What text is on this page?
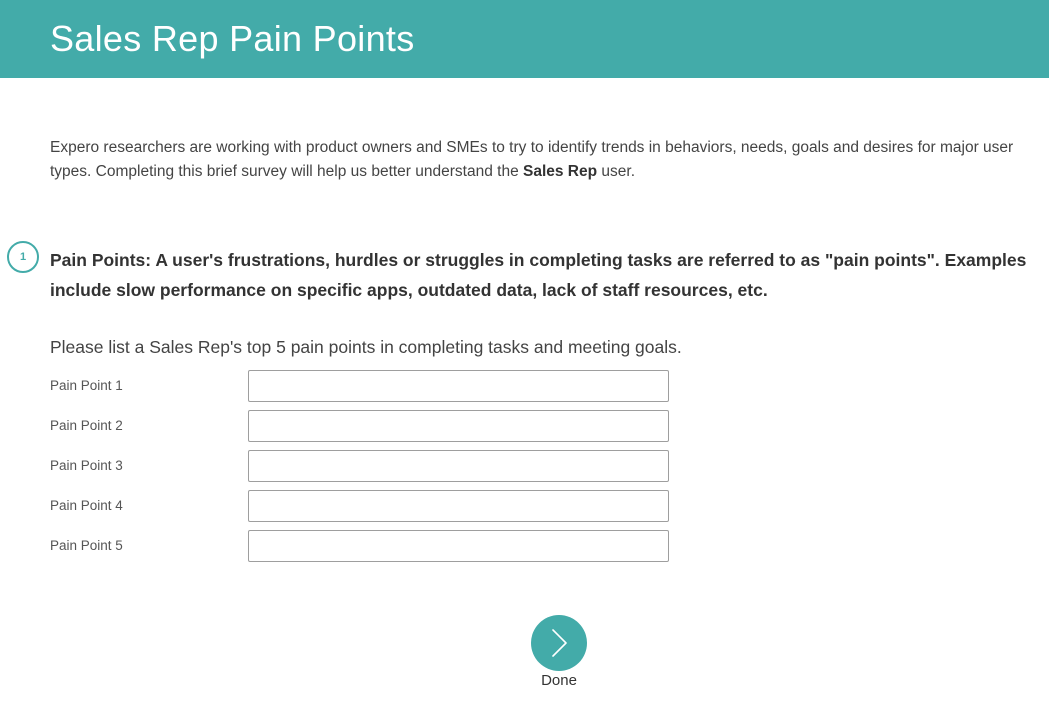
Sales Rep Pain Points

Expero researchers are working with product owners and SMEs to try to identify trends in behaviors, needs, goals and desires for major user types. Completing this brief survey will help us better understand the Sales Rep user.

1	Pain Points: A user's frustrations, hurdles or struggles in completing tasks are referred to as "pain points". Examples include slow performance on specific apps, outdated data, lack of staff resources, etc.
Please list a Sales Rep's top 5 pain points in completing tasks and meeting goals.
Pain Point 1
Pain Point 2
Pain Point 3
Pain Point 4
Pain Point 5
Done
